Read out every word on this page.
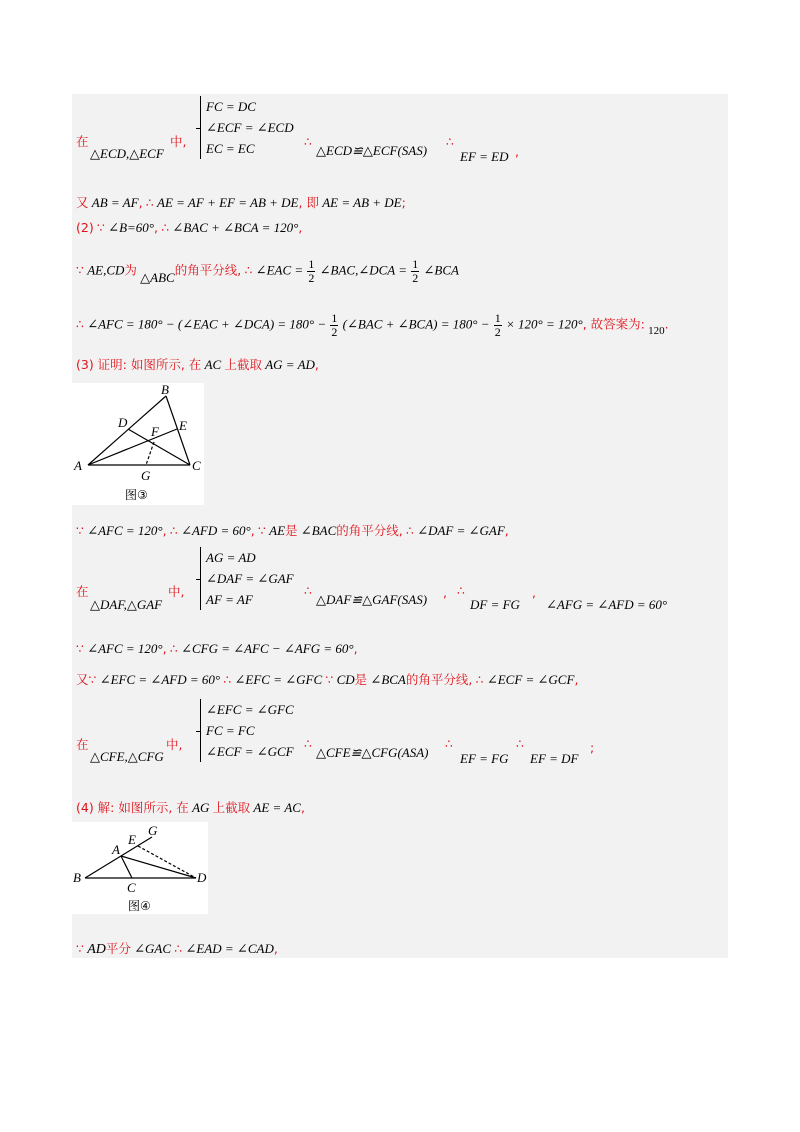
在
△ECD,△ECF
中,
FC = DC
∠ECF = ∠ECD
EC = EC	∴
△ECD≌△ECF(SAS)
∴
EF = ED ,
又 AB = AF, ∴ AE = AF + EF = AB + DE, 即 AE = AB + DE;
(2) ∵ ∠B=60°, ∴ ∠BAC + ∠BCA = 120°,
∵ AE,CD为 △ABC的角平分线, ∴ ∠EAC = $\frac{1}{2}$ ∠BAC,∠DCA = $\frac{1}{2}$ ∠BCA
∴ ∠AFC = 180° − (∠EAC + ∠DCA) = $180^\circ - \frac{1}{2}$ (∠BAC + ∠BCA) = $180^\circ - \frac{1}{2} \times 120^\circ = 120^\circ$, 故答案为: $_{120}$.
(3) 证明: 如图所示, 在 AC 上截取 AG = AD,
A
B
C
D	E
F
G
图③
∵ ∠AFC = 120°, ∴ ∠AFD = 60°, ∵ AE是 ∠BAC的角平分线, ∴ ∠DAF = ∠GAF,
在
△DAF,△GAF
中,
AG = AD
∠DAF = ∠GAF
AF = AF
∴
△DAF≌△GAF(SAS) , ∴
DF = FG
,
∠AFG = ∠AFD = 60°
∵ ∠AFC = 120°, ∴ ∠CFG = ∠AFC − ∠AFG = 60°,
又∵ ∠EFC = ∠AFD = 60° ∴ ∠EFC = ∠GFC ∵ CD是 ∠BCA的角平分线, ∴ ∠ECF = ∠GCF,
在
△CFE,△CFG
中,
∠EFC = ∠GFC
FC = FC
∠ECF = ∠GCF
∴
△CFE≌△CFG(ASA)
∴
EF = FG
∴
EF = DF
;
(4) 解: 如图所示, 在 AG 上截取 AE = AC,
B
A
E
G
C
D
图④
∵ AD平分 ∠GAC ∴ ∠EAD = ∠CAD,
